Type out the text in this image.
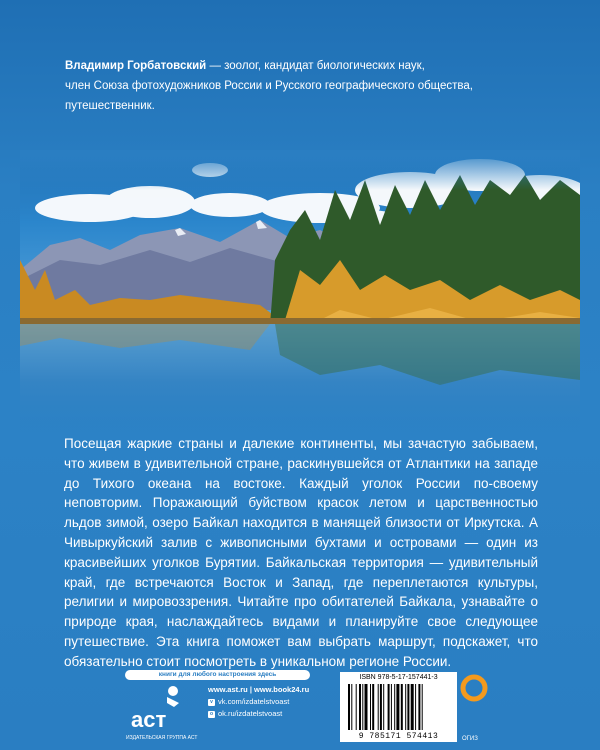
Владимир Горбатовский — зоолог, кандидат биологических наук,
член Союза фотохудожников России и Русского географического общества,
путешественник.
Посещая жаркие страны и далекие континенты, мы зачастую забываем, что живем в удивительной стране, раскинувшейся от Атлантики на западе до Тихого океана на востоке. Каждый уголок России по-своему неповторим. Поражающий буйством красок летом и царственностью льдов зимой, озеро Байкал находится в манящей близости от Иркутска. А Чивыркуйский залив с живописными бухтами и островами — один из красивейших уголков Бурятии. Байкальская территория — удивительный край, где встречаются Восток и Запад, где переплетаются культуры, религии и мировоззрения. Читайте про обитателей Байкала, узнавайте о природе края, наслаждайтесь видами и планируйте свое следующее путешествие. Эта книга поможет вам выбрать маршрут, подскажет, что обязательно стоит посмотреть в уникальном регионе России.
книги для любого настроения здесь
аст
ИЗДАТЕЛЬСКАЯ ГРУППА АСТ
www.ast.ru | www.book24.ru
v vk.com/izdatelstvoast
o ok.ru/izdatelstvoast
ISBN 978-5-17-157441-3
9 785171 574413	ОГИЗ
